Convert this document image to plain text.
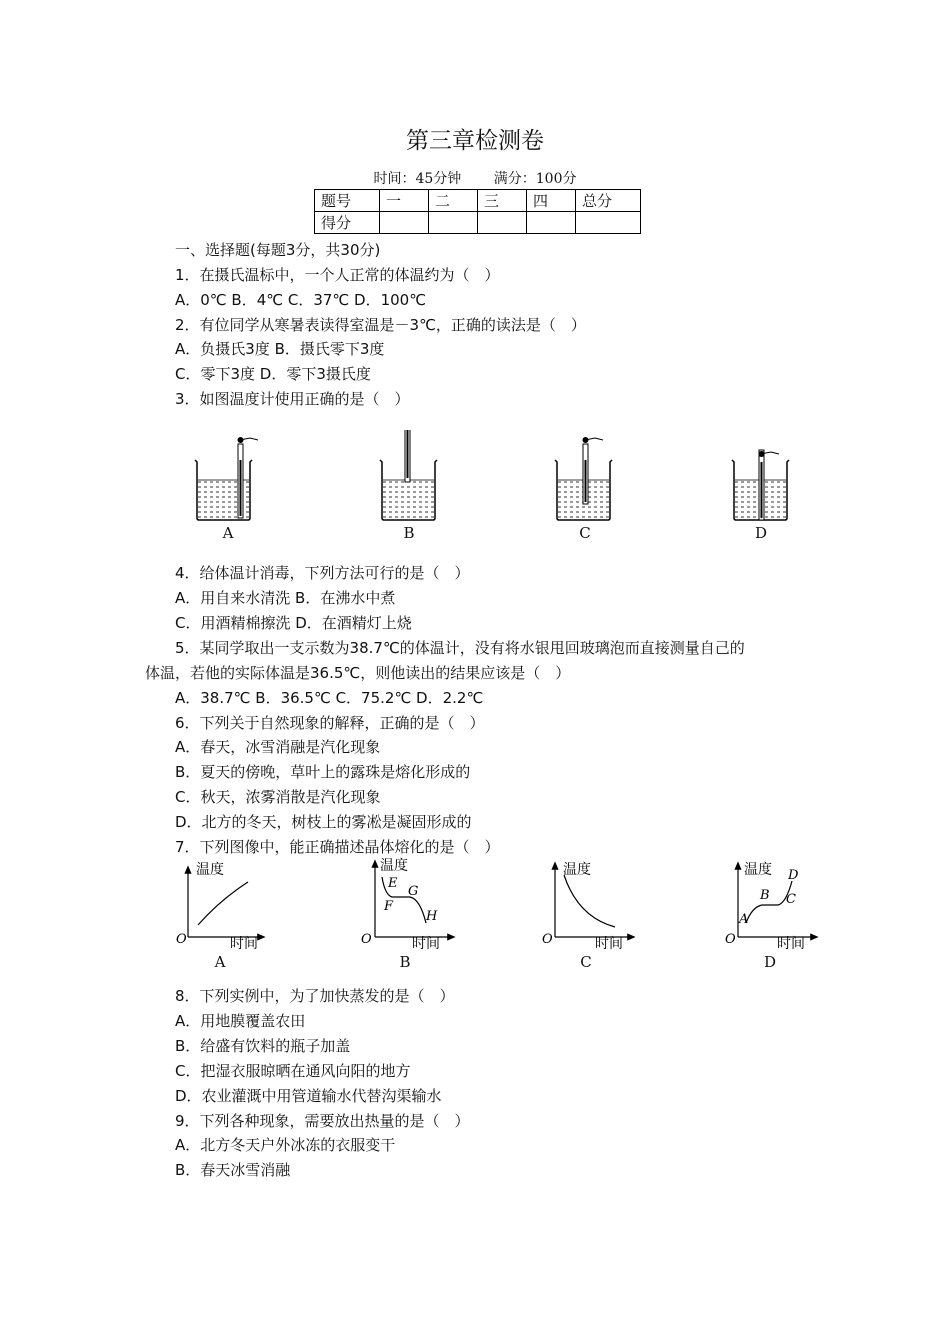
第三章检测卷
时间：45分钟 满分：100分
题号	一	二	三	四	总分
得分					
一、选择题(每题3分，共30分)
1．在摄氏温标中，一个人正常的体温约为（　）
A．0℃ B．4℃ C．37℃ D．100℃
2．有位同学从寒暑表读得室温是－3℃，正确的读法是（　）
A．负摄氏3度 B．摄氏零下3度
C．零下3度 D．零下3摄氏度
3．如图温度计使用正确的是（　）
A	B	C	D
4．给体温计消毒，下列方法可行的是（　）
A．用自来水清洗 B．在沸水中煮
C．用酒精棉擦洗 D．在酒精灯上烧
5．某同学取出一支示数为38.7℃的体温计，没有将水银甩回玻璃泡而直接测量自己的
体温，若他的实际体温是36.5℃，则他读出的结果应该是（　）
A．38.7℃ B．36.5℃ C．75.2℃ D．2.2℃
6．下列关于自然现象的解释，正确的是（　）
A．春天，冰雪消融是汽化现象
B．夏天的傍晚，草叶上的露珠是熔化形成的
C．秋天，浓雾消散是汽化现象
D．北方的冬天，树枝上的雾凇是凝固形成的
7．下列图像中，能正确描述晶体熔化的是（　）
温度
时间
O
温度
时间
O
E
G
F
H
温度
时间
O
温度
时间
O
D
B C
A
A	B	C	D
8．下列实例中，为了加快蒸发的是（　）
A．用地膜覆盖农田
B．给盛有饮料的瓶子加盖
C．把湿衣服晾晒在通风向阳的地方
D．农业灌溉中用管道输水代替沟渠输水
9．下列各种现象，需要放出热量的是（　）
A．北方冬天户外冰冻的衣服变干
B．春天冰雪消融
